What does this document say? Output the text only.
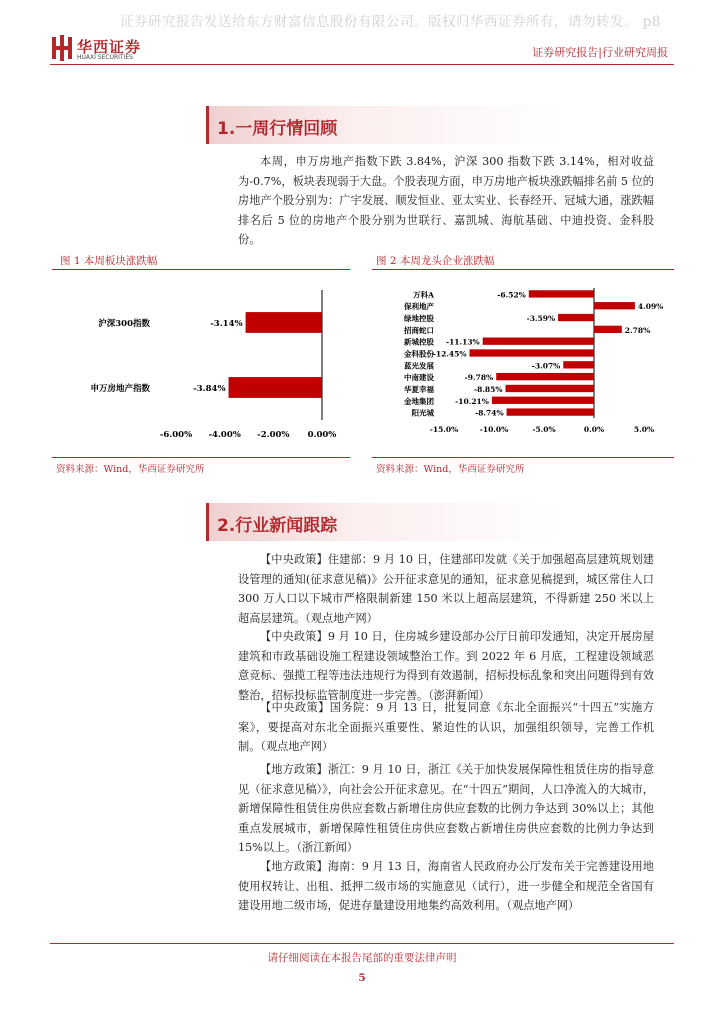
证券研究报告发送给东方财富信息股份有限公司。版权归华西证券所有，请勿转发。 p8
华西证券
HUAXI SECURITIES	证券研究报告|行业研究周报
1.一周行情回顾
本周，申万房地产指数下跌 3.84%，沪深 300 指数下跌 3.14%，相对收益为-0.7%，板块表现弱于大盘。个股表现方面，申万房地产板块涨跌幅排名前 5 位的房地产个股分别为：广宇发展、顺发恒业、亚太实业、长春经开、冠城大通，涨跌幅排名后 5 位的房地产个股分别为世联行、嘉凯城、海航基础、中迪投资、金科股份。
图 1 本周板块涨跌幅	图 2 本周龙头企业涨跌幅
沪深300指数	-3.14%
申万房地产指数	-3.84%
-6.00% -4.00% -2.00% 0.00%
万科A	-6.52%
保利地产	4.09%
绿地控股	-3.59%
招商蛇口	2.78%
新城控股 -11.13%
金科股份
-12.45%
蓝光发展	-3.07%
中南建设	-9.78%
华夏幸福	-8.85%
金地集团	-10.21%
阳光城	-8.74%
-15.0%	-10.0%	-5.0%	0.0%	5.0%
资料来源：Wind，华西证券研究所	资料来源：Wind，华西证券研究所
2.行业新闻跟踪
【中央政策】住建部：9 月 10 日，住建部印发就《关于加强超高层建筑规划建设管理的通知(征求意见稿)》公开征求意见的通知，征求意见稿提到，城区常住人口 300 万人口以下城市严格限制新建 150 米以上超高层建筑，不得新建 250 米以上超高层建筑。（观点地产网）
【中央政策】9 月 10 日，住房城乡建设部办公厅日前印发通知，决定开展房屋建筑和市政基础设施工程建设领域整治工作。到 2022 年 6 月底，工程建设领域恶意竞标、强揽工程等违法违规行为得到有效遏制，招标投标乱象和突出问题得到有效整治，招标投标监管制度进一步完善。（澎湃新闻）
【中央政策】国务院：9 月 13 日，批复同意《东北全面振兴“十四五”实施方案》，要提高对东北全面振兴重要性、紧迫性的认识，加强组织领导，完善工作机制。（观点地产网）
【地方政策】浙江：9 月 10 日，浙江《关于加快发展保障性租赁住房的指导意见（征求意见稿）》，向社会公开征求意见。在“十四五”期间，人口净流入的大城市，新增保障性租赁住房供应套数占新增住房供应套数的比例力争达到 30%以上；其他重点发展城市，新增保障性租赁住房供应套数占新增住房供应套数的比例力争达到 15%以上。（浙江新闻）
【地方政策】海南：9 月 13 日，海南省人民政府办公厅发布关于完善建设用地使用权转让、出租、抵押二级市场的实施意见（试行），进一步健全和规范全省国有建设用地二级市场，促进存量建设用地集约高效利用。（观点地产网）
请仔细阅读在本报告尾部的重要法律声明
5
